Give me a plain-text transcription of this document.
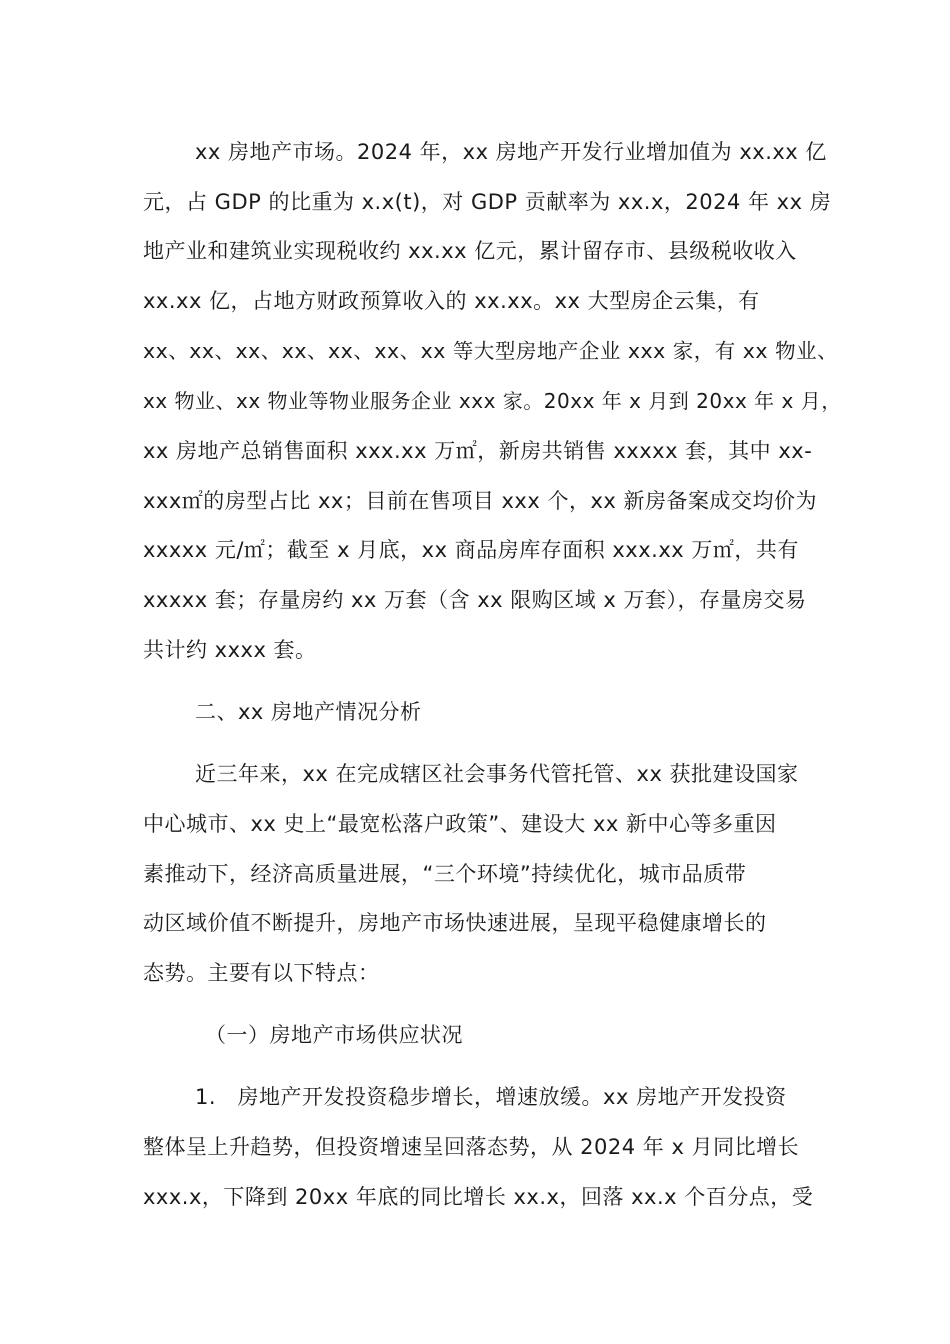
xx 房地产市场。2024 年，xx 房地产开发行业增加值为 xx.xx 亿
元，占 GDP 的比重为 x.x(t)，对 GDP 贡献率为 xx.x，2024 年 xx 房
地产业和建筑业实现税收约 xx.xx 亿元，累计留存市、县级税收收入
xx.xx 亿，占地方财政预算收入的 xx.xx。xx 大型房企云集，有
xx、xx、xx、xx、xx、xx、xx 等大型房地产企业 xxx 家，有 xx 物业、
xx 物业、xx 物业等物业服务企业 xxx 家。20xx 年 x 月到 20xx 年 x 月，
xx 房地产总销售面积 xxx.xx 万㎡，新房共销售 xxxxx 套，其中 xx-
xxx㎡的房型占比 xx；目前在售项目 xxx 个，xx 新房备案成交均价为
xxxxx 元/㎡；截至 x 月底，xx 商品房库存面积 xxx.xx 万㎡，共有
xxxxx 套；存量房约 xx 万套（含 xx 限购区域 x 万套），存量房交易
共计约 xxxx 套。
二、xx 房地产情况分析
近三年来，xx 在完成辖区社会事务代管托管、xx 获批建设国家
中心城市、xx 史上“最宽松落户政策”、建设大 xx 新中心等多重因
素推动下，经济高质量进展，“三个环境”持续优化，城市品质带
动区域价值不断提升，房地产市场快速进展，呈现平稳健康增长的
态势。主要有以下特点：
（一）房地产市场供应状况
1.　房地产开发投资稳步增长，增速放缓。xx 房地产开发投资
整体呈上升趋势，但投资增速呈回落态势，从 2024 年 x 月同比增长
xxx.x，下降到 20xx 年底的同比增长 xx.x，回落 xx.x 个百分点，受
